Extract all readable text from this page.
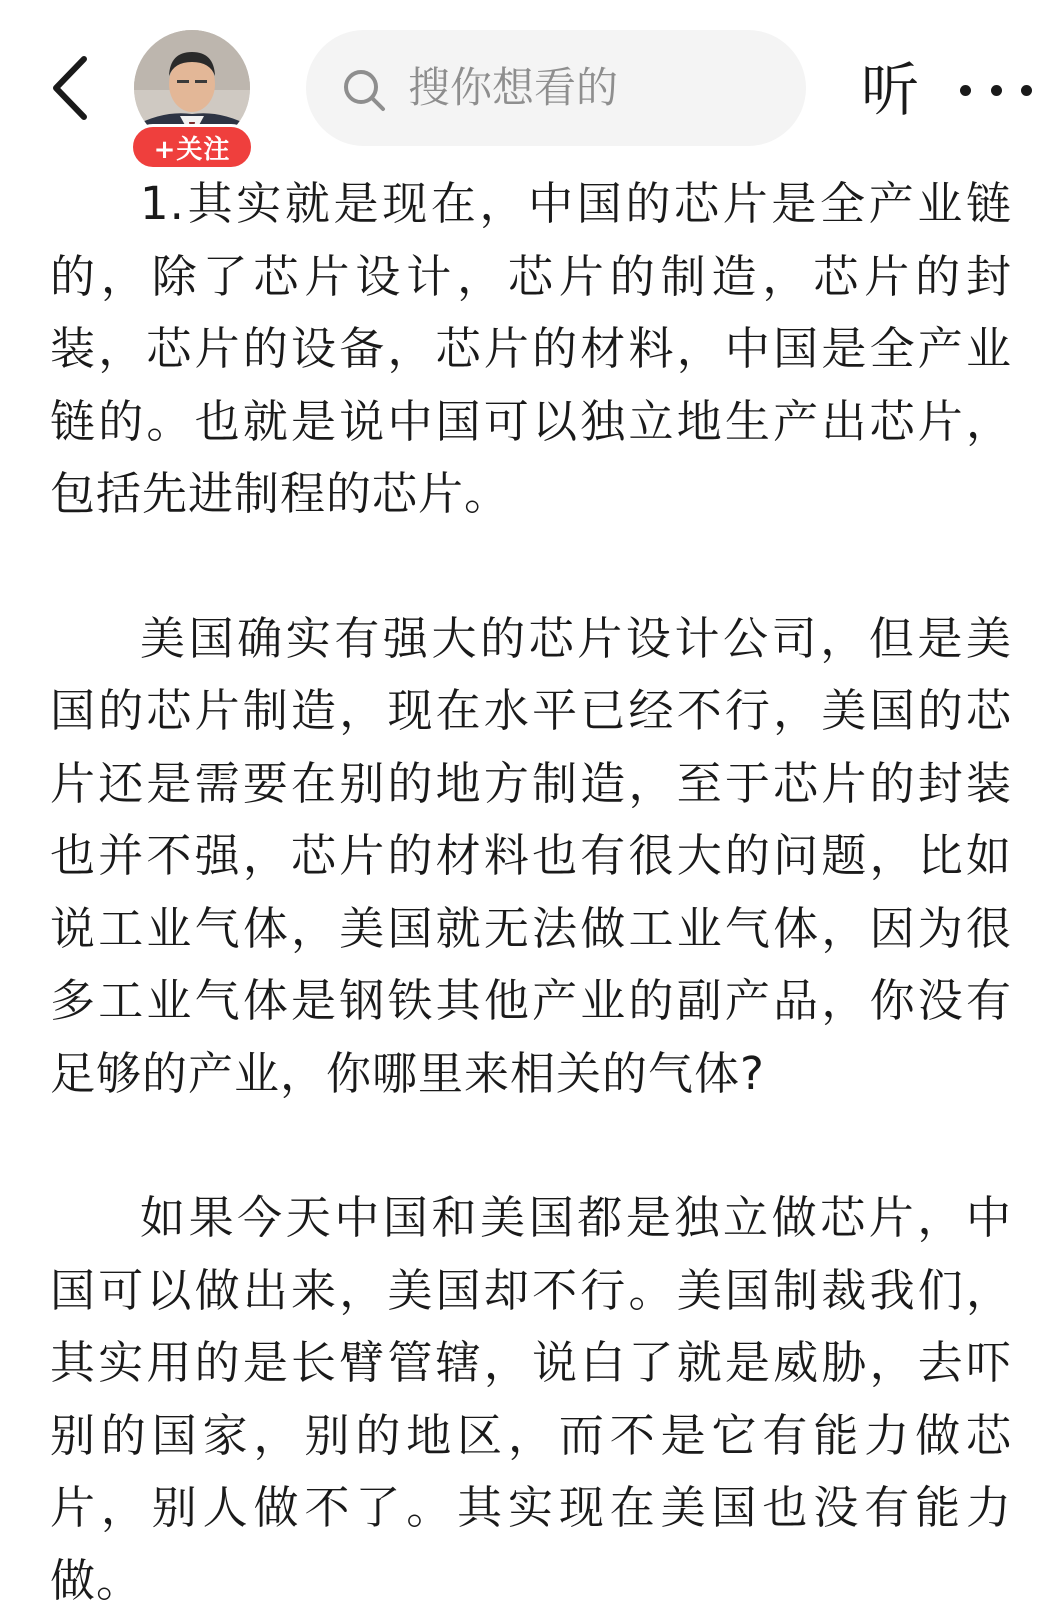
+关注
搜你想看的	听

1.其实就是现在，中国的芯片是全产业链的，除了芯片设计，芯片的制造，芯片的封装，芯片的设备，芯片的材料，中国是全产业链的。也就是说中国可以独立地生产出芯片，包括先进制程的芯片。

美国确实有强大的芯片设计公司，但是美国的芯片制造，现在水平已经不行，美国的芯片还是需要在别的地方制造，至于芯片的封装也并不强，芯片的材料也有很大的问题，比如说工业气体，美国就无法做工业气体，因为很多工业气体是钢铁其他产业的副产品，你没有足够的产业，你哪里来相关的气体?

如果今天中国和美国都是独立做芯片，中国可以做出来，美国却不行。美国制裁我们，其实用的是长臂管辖，说白了就是威胁，去吓别的国家，别的地区，而不是它有能力做芯片，别人做不了。其实现在美国也没有能力做。
